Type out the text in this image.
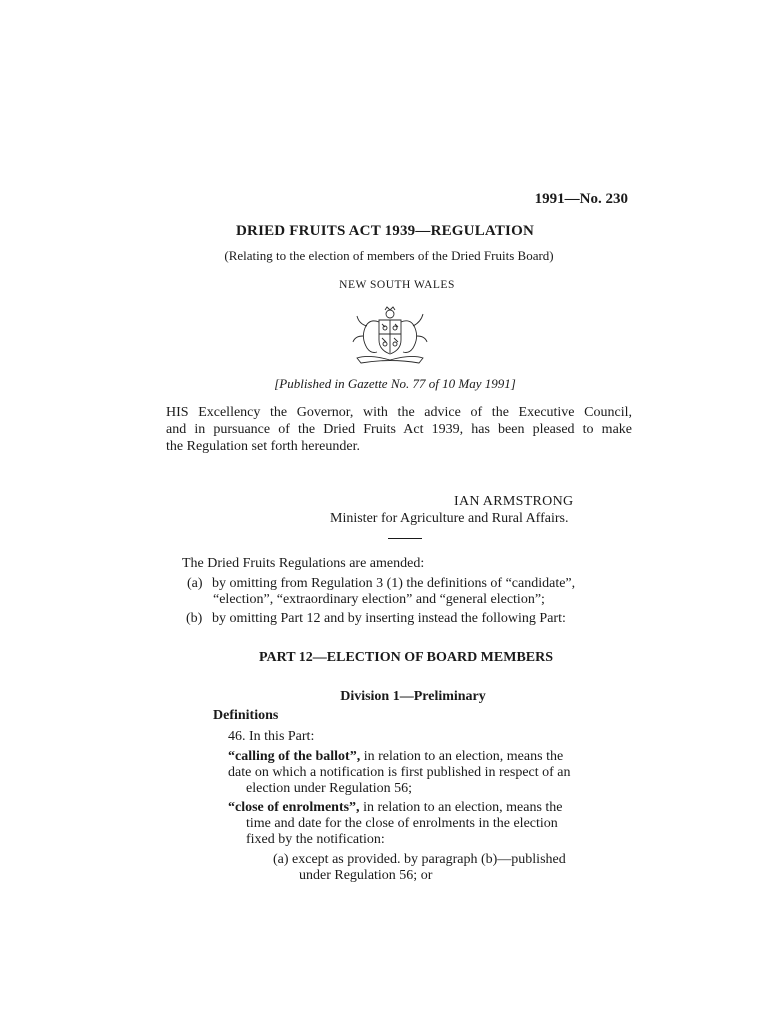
1991—No. 230
DRIED FRUITS ACT 1939—REGULATION
(Relating to the election of members of the Dried Fruits Board)
NEW SOUTH WALES
[Published in Gazette No. 77 of 10 May 1991]
HIS Excellency the Governor, with the advice of the Executive Council,
and in pursuance of the Dried Fruits Act 1939, has been pleased to make
the Regulation set forth hereunder.
IAN ARMSTRONG
Minister for Agriculture and Rural Affairs.
The Dried Fruits Regulations are amended:
(a) by omitting from Regulation 3 (1) the definitions of “candidate”,
“election”, “extraordinary election” and “general election”;
(b) by omitting Part 12 and by inserting instead the following Part:
PART 12—ELECTION OF BOARD MEMBERS
Division 1—Preliminary
Definitions
46. In this Part:
“calling of the ballot”, in relation to an election, means the
date on which a notification is first published in respect of an
election under Regulation 56;
“close of enrolments”, in relation to an election, means the
time and date for the close of enrolments in the election
fixed by the notification:
(a) except as provided. by paragraph (b)—published
under Regulation 56; or
